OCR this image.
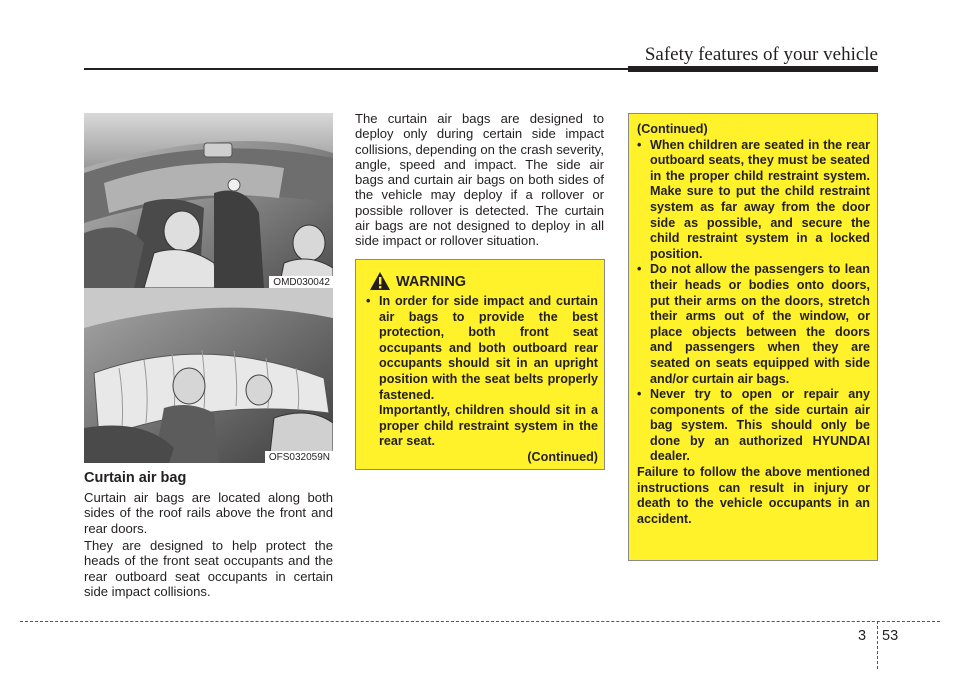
Safety features of your vehicle
OMD030042
OFS032059N
Curtain air bag

Curtain air bags are located along both sides of the roof rails above the front and rear doors.

They are designed to help protect the heads of the front seat occupants and the rear outboard seat occupants in certain side impact collisions.

The curtain air bags are designed to deploy only during certain side impact collisions, depending on the crash severity, angle, speed and impact. The side air bags and curtain air bags on both sides of the vehicle may deploy if a rollover or possible rollover is detected. The curtain air bags are not designed to deploy in all side impact or rollover situation.

WARNING
• In order for side impact and curtain air bags to provide the best protection, both front seat occupants and both outboard rear occupants should sit in an upright position with the seat belts properly fastened.
Importantly, children should sit in a proper child restraint system in the rear seat.
(Continued)
(Continued)
• When children are seated in the rear outboard seats, they must be seated in the proper child restraint system. Make sure to put the child restraint system as far away from the door side as possible, and secure the child restraint system in a locked position.
• Do not allow the passengers to lean their heads or bodies onto doors, put their arms on the doors, stretch their arms out of the window, or place objects between the doors and passengers when they are seated on seats equipped with side and/or curtain air bags.
• Never try to open or repair any components of the side curtain air bag system. This should only be done by an authorized HYUNDAI dealer.
Failure to follow the above mentioned instructions can result in injury or death to the vehicle occupants in an accident.
3 53
